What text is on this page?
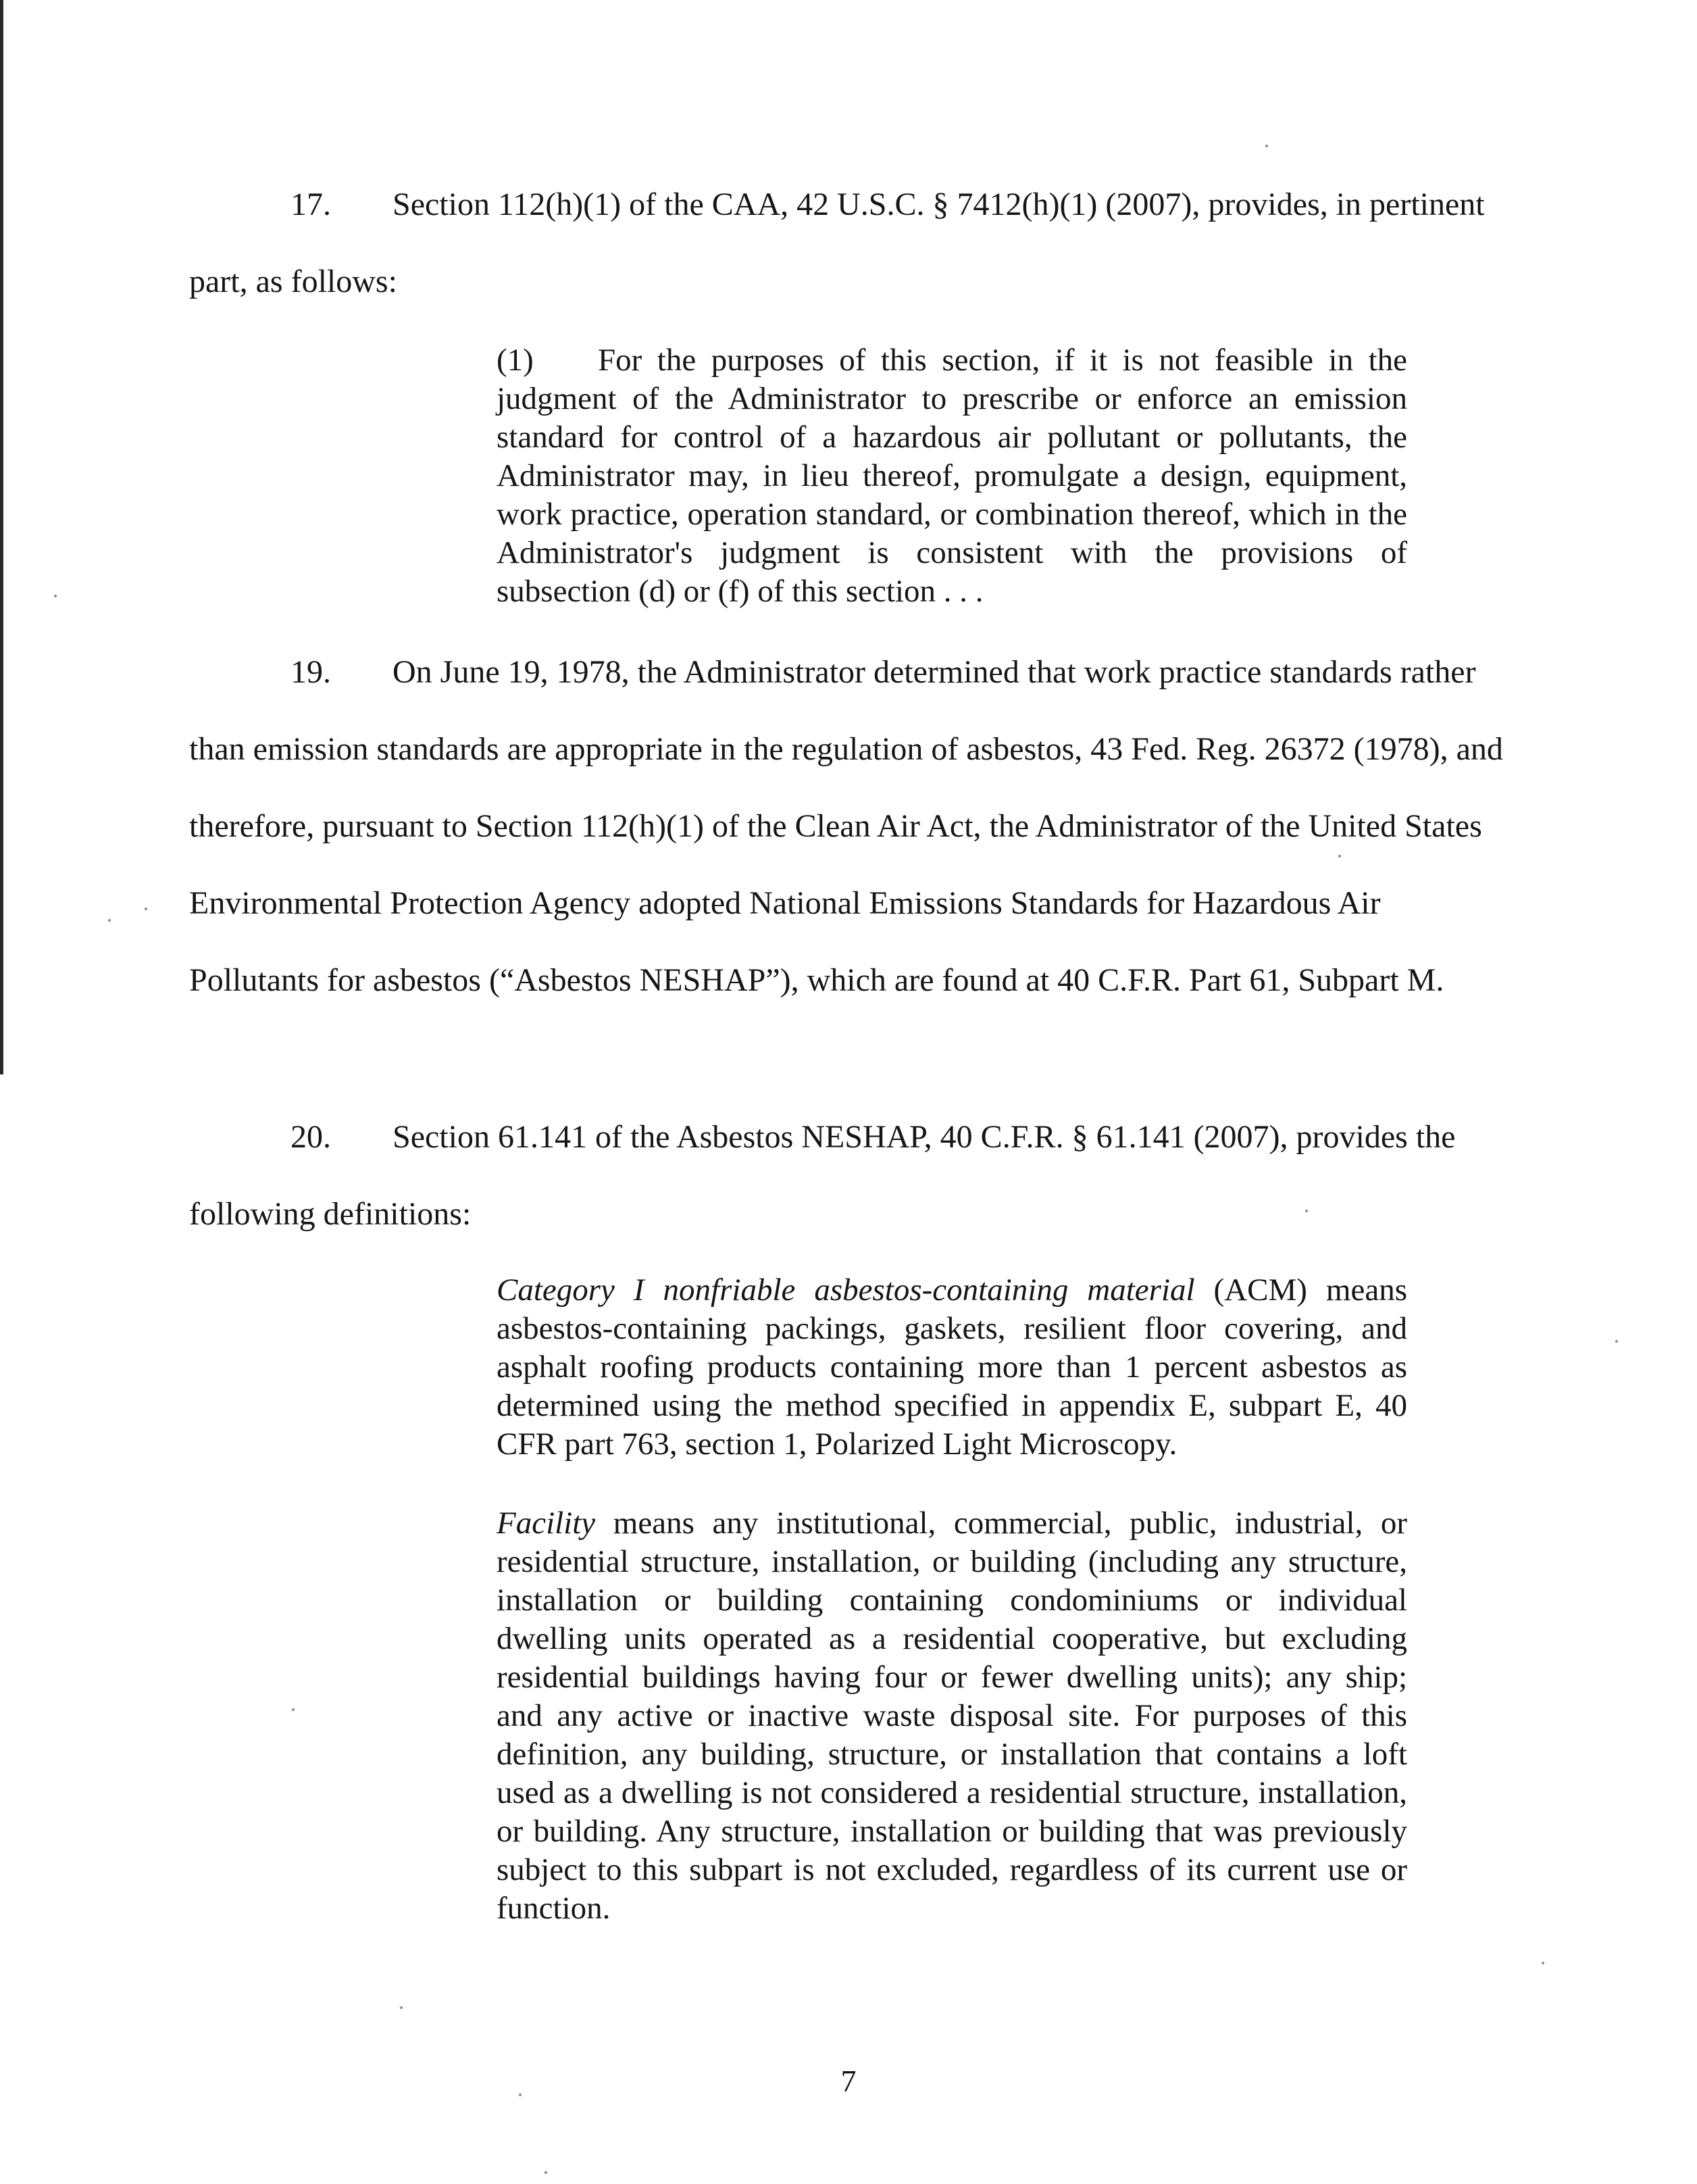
17. Section 112(h)(1) of the CAA, 42 U.S.C. § 7412(h)(1) (2007), provides, in pertinent part, as follows:

(1) For the purposes of this section, if it is not feasible in the judgment of the Administrator to prescribe or enforce an emission standard for control of a hazardous air pollutant or pollutants, the Administrator may, in lieu thereof, promulgate a design, equipment, work practice, operation standard, or combination thereof, which in the Administrator's judgment is consistent with the provisions of subsection (d) or (f) of this section . . .

19. On June 19, 1978, the Administrator determined that work practice standards rather than emission standards are appropriate in the regulation of asbestos, 43 Fed. Reg. 26372 (1978), and therefore, pursuant to Section 112(h)(1) of the Clean Air Act, the Administrator of the United States Environmental Protection Agency adopted National Emissions Standards for Hazardous Air Pollutants for asbestos (“Asbestos NESHAP”), which are found at 40 C.F.R. Part 61, Subpart M.

20. Section 61.141 of the Asbestos NESHAP, 40 C.F.R. § 61.141 (2007), provides the following definitions:

Category I nonfriable asbestos-containing material (ACM) means asbestos-containing packings, gaskets, resilient floor covering, and asphalt roofing products containing more than 1 percent asbestos as determined using the method specified in appendix E, subpart E, 40 CFR part 763, section 1, Polarized Light Microscopy.

Facility means any institutional, commercial, public, industrial, or residential structure, installation, or building (including any structure, installation or building containing condominiums or individual dwelling units operated as a residential cooperative, but excluding residential buildings having four or fewer dwelling units); any ship; and any active or inactive waste disposal site. For purposes of this definition, any building, structure, or installation that contains a loft used as a dwelling is not considered a residential structure, installation, or building. Any structure, installation or building that was previously subject to this subpart is not excluded, regardless of its current use or function.

7
